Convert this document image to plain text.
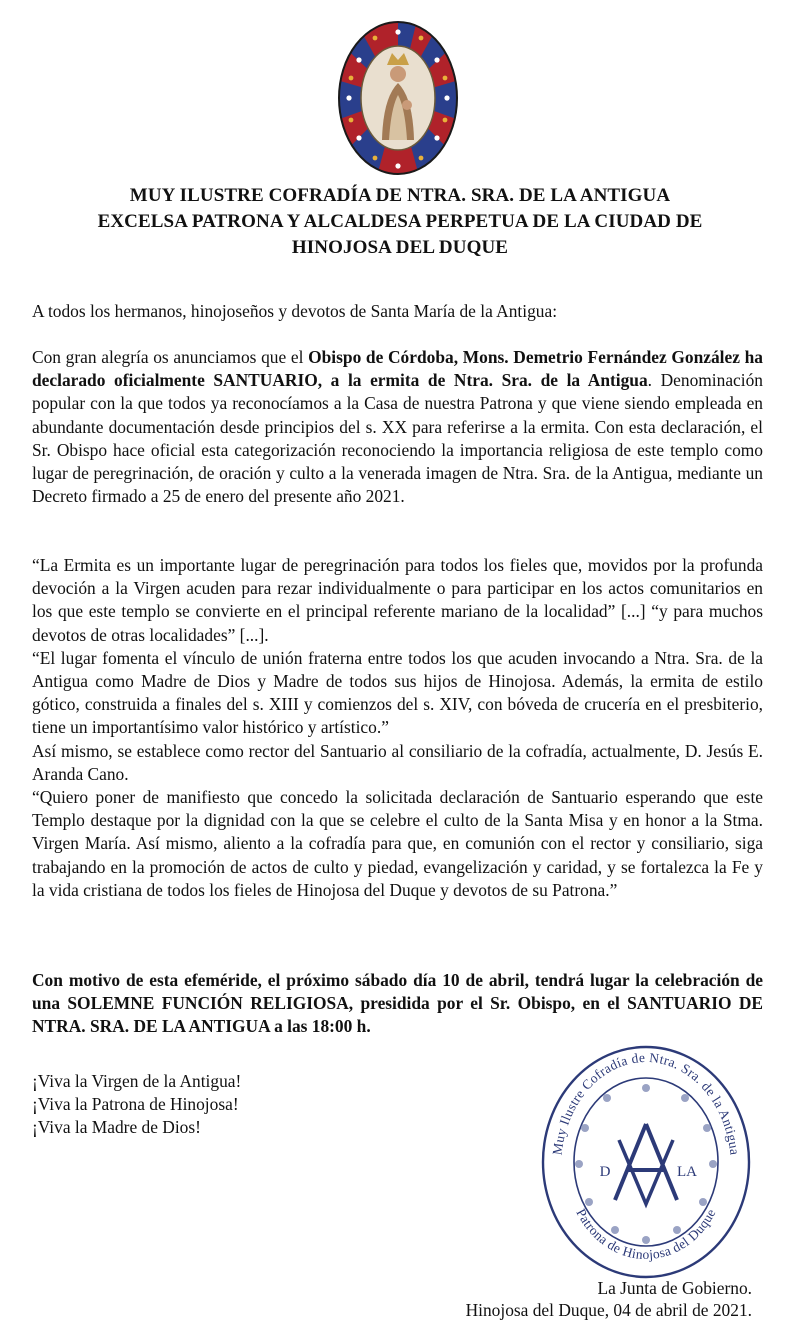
MUY ILUSTRE COFRADÍA DE NTRA. SRA. DE LA ANTIGUA
EXCELSA PATRONA Y ALCALDESA PERPETUA DE LA CIUDAD DE
HINOJOSA DEL DUQUE
A todos los hermanos, hinojoseños y devotos de Santa María de la Antigua:
Con gran alegría os anunciamos que el Obispo de Córdoba, Mons. Demetrio Fernández González ha declarado oficialmente SANTUARIO, a la ermita de Ntra. Sra. de la Antigua. Denominación popular con la que todos ya reconocíamos a la Casa de nuestra Patrona y que viene siendo empleada en abundante documentación desde principios del s. XX para referirse a la ermita. Con esta declaración, el Sr. Obispo hace oficial esta categorización reconociendo la importancia religiosa de este templo como lugar de peregrinación, de oración y culto a la venerada imagen de Ntra. Sra. de la Antigua, mediante un Decreto firmado a 25 de enero del presente año 2021.
“La Ermita es un importante lugar de peregrinación para todos los fieles que, movidos por la profunda devoción a la Virgen acuden para rezar individualmente o para participar en los actos comunitarios en los que este templo se convierte en el principal referente mariano de la localidad” [...] “y para muchos devotos de otras localidades” [...].
“El lugar fomenta el vínculo de unión fraterna entre todos los que acuden invocando a Ntra. Sra. de la Antigua como Madre de Dios y Madre de todos sus hijos de Hinojosa. Además, la ermita de estilo gótico, construida a finales del s. XIII y comienzos del s. XIV, con bóveda de crucería en el presbiterio, tiene un importantísimo valor histórico y artístico.”
Así mismo, se establece como rector del Santuario al consiliario de la cofradía, actualmente, D. Jesús E. Aranda Cano.
“Quiero poner de manifiesto que concedo la solicitada declaración de Santuario esperando que este Templo destaque por la dignidad con la que se celebre el culto de la Santa Misa y en honor a la Stma. Virgen María. Así mismo, aliento a la cofradía para que, en comunión con el rector y consiliario, siga trabajando en la promoción de actos de culto y piedad, evangelización y caridad, y se fortalezca la Fe y la vida cristiana de todos los fieles de Hinojosa del Duque y devotos de su Patrona.”
Con motivo de esta efeméride, el próximo sábado día 10 de abril, tendrá lugar la celebración de una SOLEMNE FUNCIÓN RELIGIOSA, presidida por el Sr. Obispo, en el SANTUARIO DE NTRA. SRA. DE LA ANTIGUA a las 18:00 h.
¡Viva la Virgen de la Antigua!
¡Viva la Patrona de Hinojosa!
¡Viva la Madre de Dios!
Muy Ilustre Cofradía de Ntra. Sra. de la Antigua
Patrona de Hinojosa del Duque
D	LA
La Junta de Gobierno.
Hinojosa del Duque, 04 de abril de 2021.
